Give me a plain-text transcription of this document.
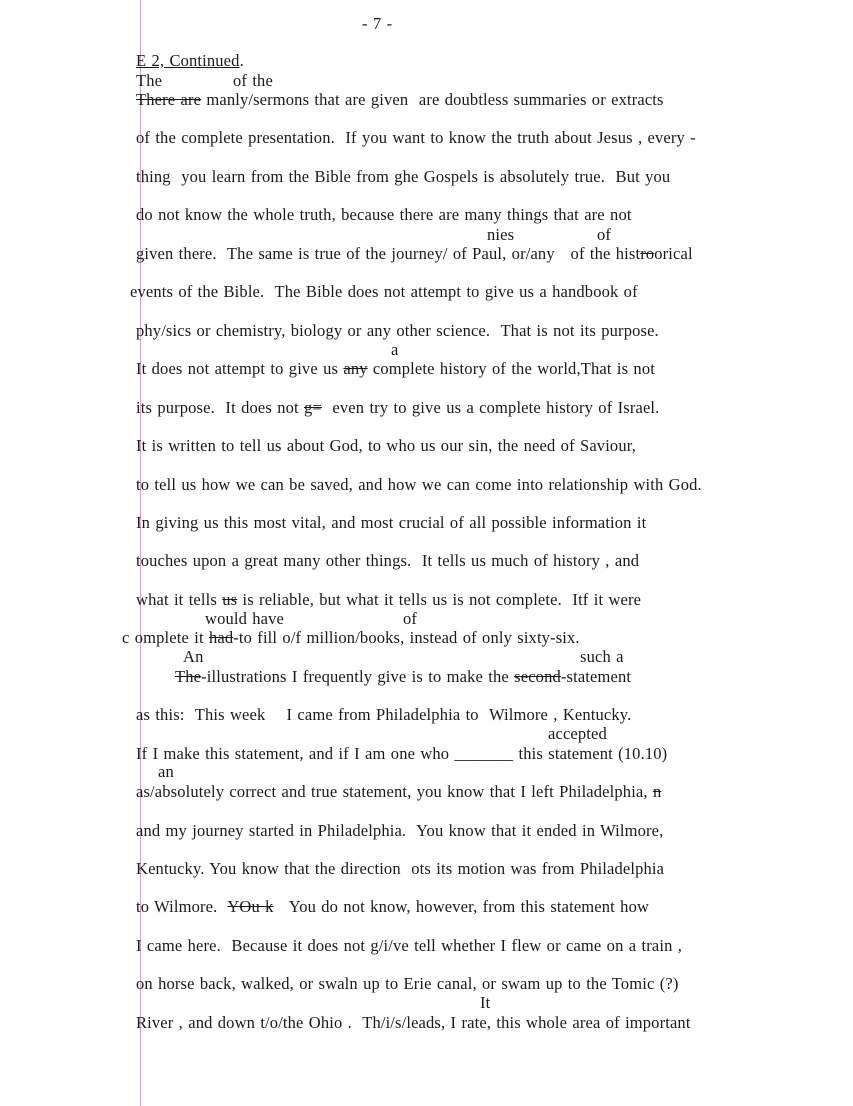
- 7 -
E 2, Continued.
The	of the
nies	of
a
would have	of
An	such a
accepted
an
It
There are manly/sermons that are given  are doubtless summaries or extracts
of the complete presentation.  If you want to know the truth about Jesus , every -
thing  you learn from the Bible from ghe Gospels is absolutely true.  But you
do not know the whole truth, because there are many things that are not
given there.  The same is true of the journey/ of Paul, or/any   of the histroorical
events of the Bible.  The Bible does not attempt to give us a handbook of
phy/sics or chemistry, biology or any other science.  That is not its purpose.
It does not attempt to give us any complete history of the world,That is not
its purpose.  It does not g=  even try to give us a complete history of Israel.
It is written to tell us about God, to who us our sin, the need of Saviour,
to tell us how we can be saved, and how we can come into relationship with God.
In giving us this most vital, and most crucial of all possible information it
touches upon a great many other things.  It tells us much of history , and
what it tells us is reliable, but what it tells us is not complete.  Itf it were
c omplete it had-to fill o/f million/books, instead of only sixty-six.
The-illustrations I frequently give is to make the second-statement
as this:  This week    I came from Philadelphia to  Wilmore , Kentucky.
If I make this statement, and if I am one who _______ this statement (10.10)
as/absolutely correct and true statement, you know that I left Philadelphia, n
and my journey started in Philadelphia.  You know that it ended in Wilmore,
Kentucky. You know that the direction  ots its motion was from Philadelphia
to Wilmore.  YOu k   You do not know, however, from this statement how
I came here.  Because it does not g/i/ve tell whether I flew or came on a train ,
on horse back, walked, or swaln up to Erie canal, or swam up to the Tomic (?)
River , and down t/o/the Ohio .  Th/i/s/leads, I rate, this whole area of important
